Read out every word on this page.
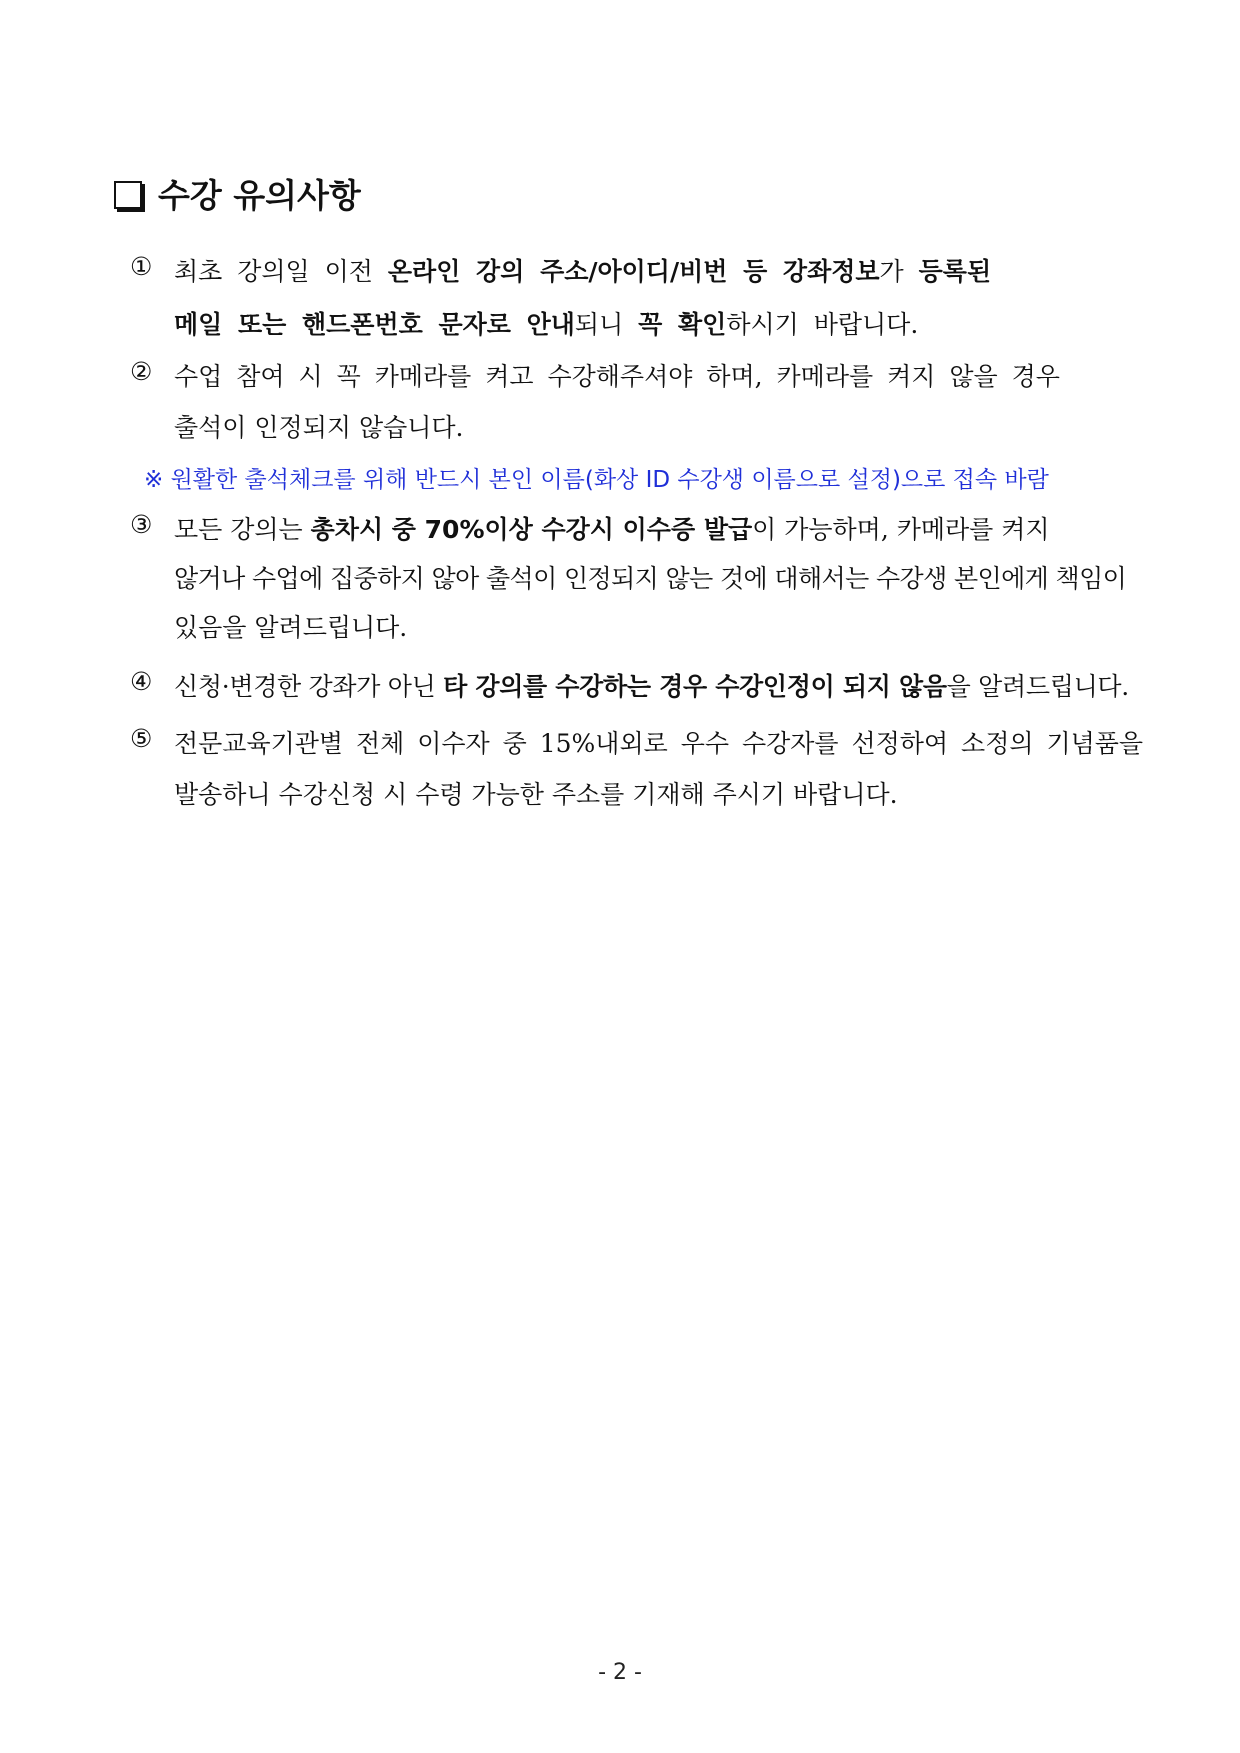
수강 유의사항
① 최초 강의일 이전 온라인 강의 주소/아이디/비번 등 강좌정보가 등록된
메일 또는 핸드폰번호 문자로 안내되니 꼭 확인하시기 바랍니다.
② 수업 참여 시 꼭 카메라를 켜고 수강해주셔야 하며, 카메라를 켜지 않을 경우
출석이 인정되지 않습니다.
※ 원활한 출석체크를 위해 반드시 본인 이름(화상 ID 수강생 이름으로 설정)으로 접속 바람
③ 모든 강의는 총차시 중 70%이상 수강시 이수증 발급이 가능하며, 카메라를 켜지
않거나 수업에 집중하지 않아 출석이 인정되지 않는 것에 대해서는 수강생 본인에게 책임이
있음을 알려드립니다.
④ 신청·변경한 강좌가 아닌 타 강의를 수강하는 경우 수강인정이 되지 않음을 알려드립니다.
⑤ 전문교육기관별 전체 이수자 중 15%내외로 우수 수강자를 선정하여 소정의 기념품을
발송하니 수강신청 시 수령 가능한 주소를 기재해 주시기 바랍니다.
- 2 -
